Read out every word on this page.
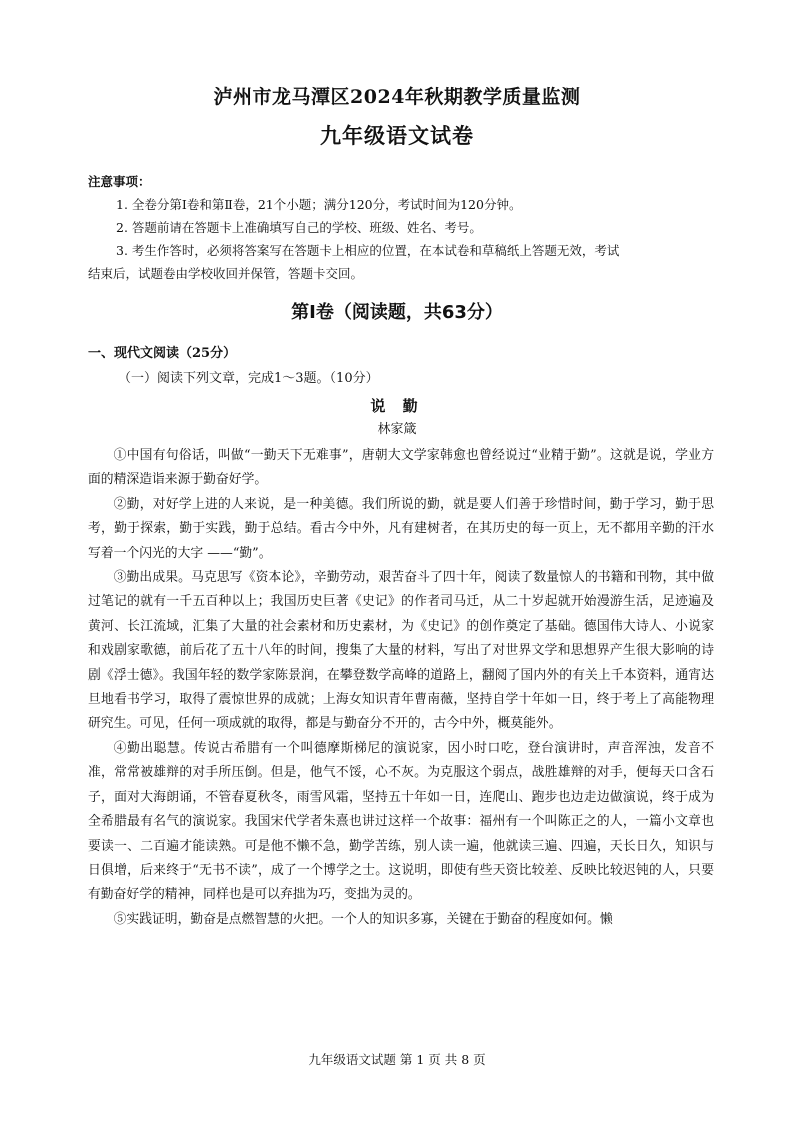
泸州市龙马潭区2024年秋期教学质量监测
九年级语文试卷
注意事项：
1. 全卷分第Ⅰ卷和第Ⅱ卷，21个小题；满分120分，考试时间为120分钟。
2. 答题前请在答题卡上准确填写自己的学校、班级、姓名、考号。
3. 考生作答时，必须将答案写在答题卡上相应的位置，在本试卷和草稿纸上答题无效，考试
结束后，试题卷由学校收回并保管，答题卡交回。
第Ⅰ卷（阅读题，共63分）
一、现代文阅读（25分）
（一）阅读下列文章，完成1～3题。（10分）
说 勤
林家箴

①中国有句俗话，叫做“一勤天下无难事”，唐朝大文学家韩愈也曾经说过“业精于勤”。这就是说，学业方面的精深造诣来源于勤奋好学。

②勤，对好学上进的人来说，是一种美德。我们所说的勤，就是要人们善于珍惜时间，勤于学习，勤于思考，勤于探索，勤于实践，勤于总结。看古今中外，凡有建树者，在其历史的每一页上，无不都用辛勤的汗水写着一个闪光的大字 ——“勤”。

③勤出成果。马克思写《资本论》，辛勤劳动，艰苦奋斗了四十年，阅读了数量惊人的书籍和刊物，其中做过笔记的就有一千五百种以上；我国历史巨著《史记》的作者司马迁，从二十岁起就开始漫游生活，足迹遍及黄河、长江流域，汇集了大量的社会素材和历史素材，为《史记》的创作奠定了基础。德国伟大诗人、小说家和戏剧家歌德，前后花了五十八年的时间，搜集了大量的材料，写出了对世界文学和思想界产生很大影响的诗剧《浮士德》。我国年轻的数学家陈景润，在攀登数学高峰的道路上，翻阅了国内外的有关上千本资料，通宵达旦地看书学习，取得了震惊世界的成就；上海女知识青年曹南薇，坚持自学十年如一日，终于考上了高能物理研究生。可见，任何一项成就的取得，都是与勤奋分不开的，古今中外，概莫能外。

④勤出聪慧。传说古希腊有一个叫德摩斯梯尼的演说家，因小时口吃，登台演讲时，声音浑浊，发音不准，常常被雄辩的对手所压倒。但是，他气不馁，心不灰。为克服这个弱点，战胜雄辩的对手，便每天口含石子，面对大海朗诵，不管春夏秋冬，雨雪风霜，坚持五十年如一日，连爬山、跑步也边走边做演说，终于成为全希腊最有名气的演说家。我国宋代学者朱熹也讲过这样一个故事：福州有一个叫陈正之的人，一篇小文章也要读一、二百遍才能读熟。可是他不懒不急，勤学苦练，别人读一遍，他就读三遍、四遍，天长日久，知识与日俱增，后来终于“无书不读”，成了一个博学之士。这说明，即使有些天资比较差、反映比较迟钝的人，只要有勤奋好学的精神，同样也是可以弃拙为巧，变拙为灵的。

⑤实践证明，勤奋是点燃智慧的火把。一个人的知识多寡，关键在于勤奋的程度如何。懒

九年级语文试题 第 1 页 共 8 页
